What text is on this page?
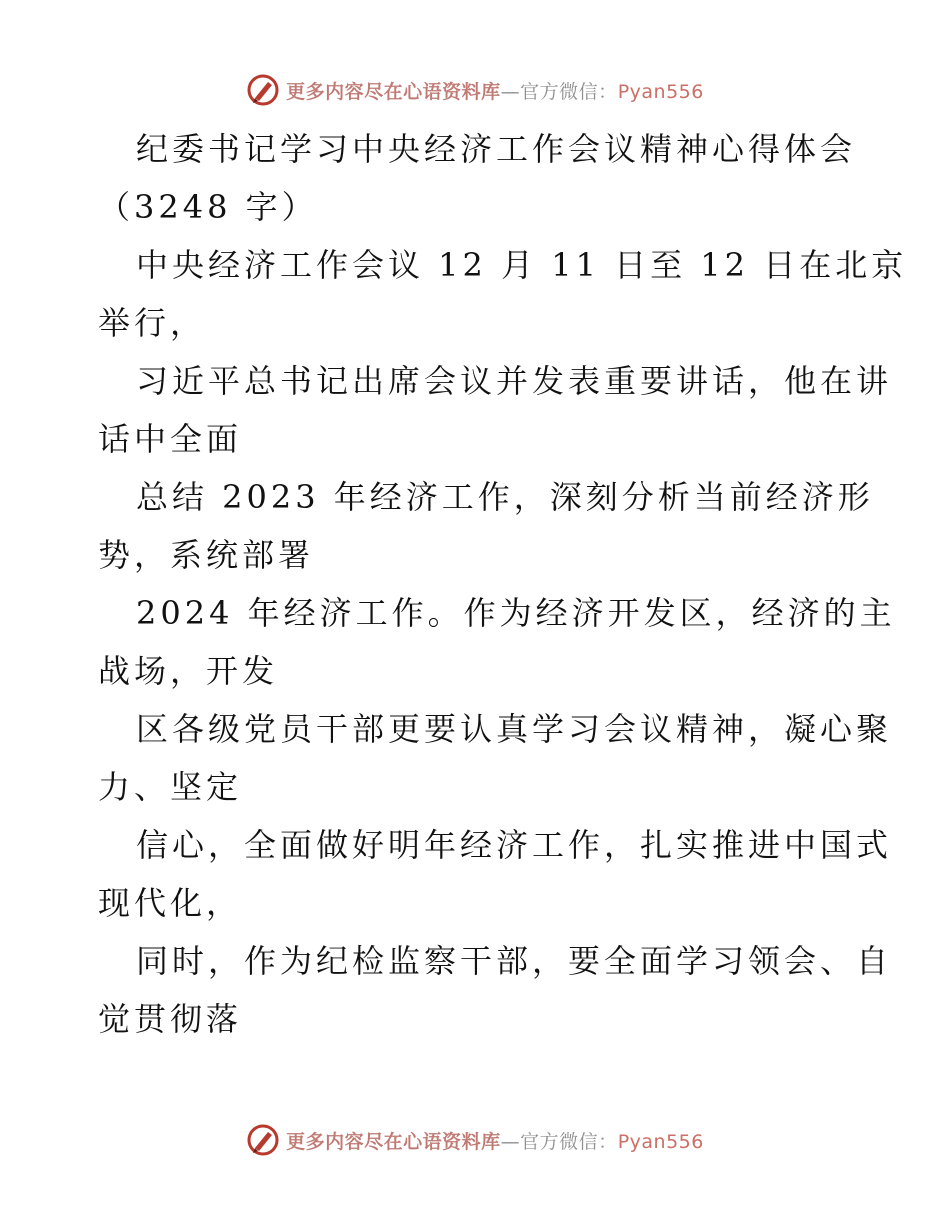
更多内容尽在心语资料库—官方微信：Pyan556
纪委书记学习中央经济工作会议精神心得体会
（3248 字）
中央经济工作会议 12 月 11 日至 12 日在北京
举行，
习近平总书记出席会议并发表重要讲话，他在讲
话中全面
总结 2023 年经济工作，深刻分析当前经济形
势，系统部署
2024 年经济工作。作为经济开发区，经济的主
战场，开发
区各级党员干部更要认真学习会议精神，凝心聚
力、坚定
信心，全面做好明年经济工作，扎实推进中国式
现代化，
同时，作为纪检监察干部，要全面学习领会、自
觉贯彻落
更多内容尽在心语资料库—官方微信：Pyan556
